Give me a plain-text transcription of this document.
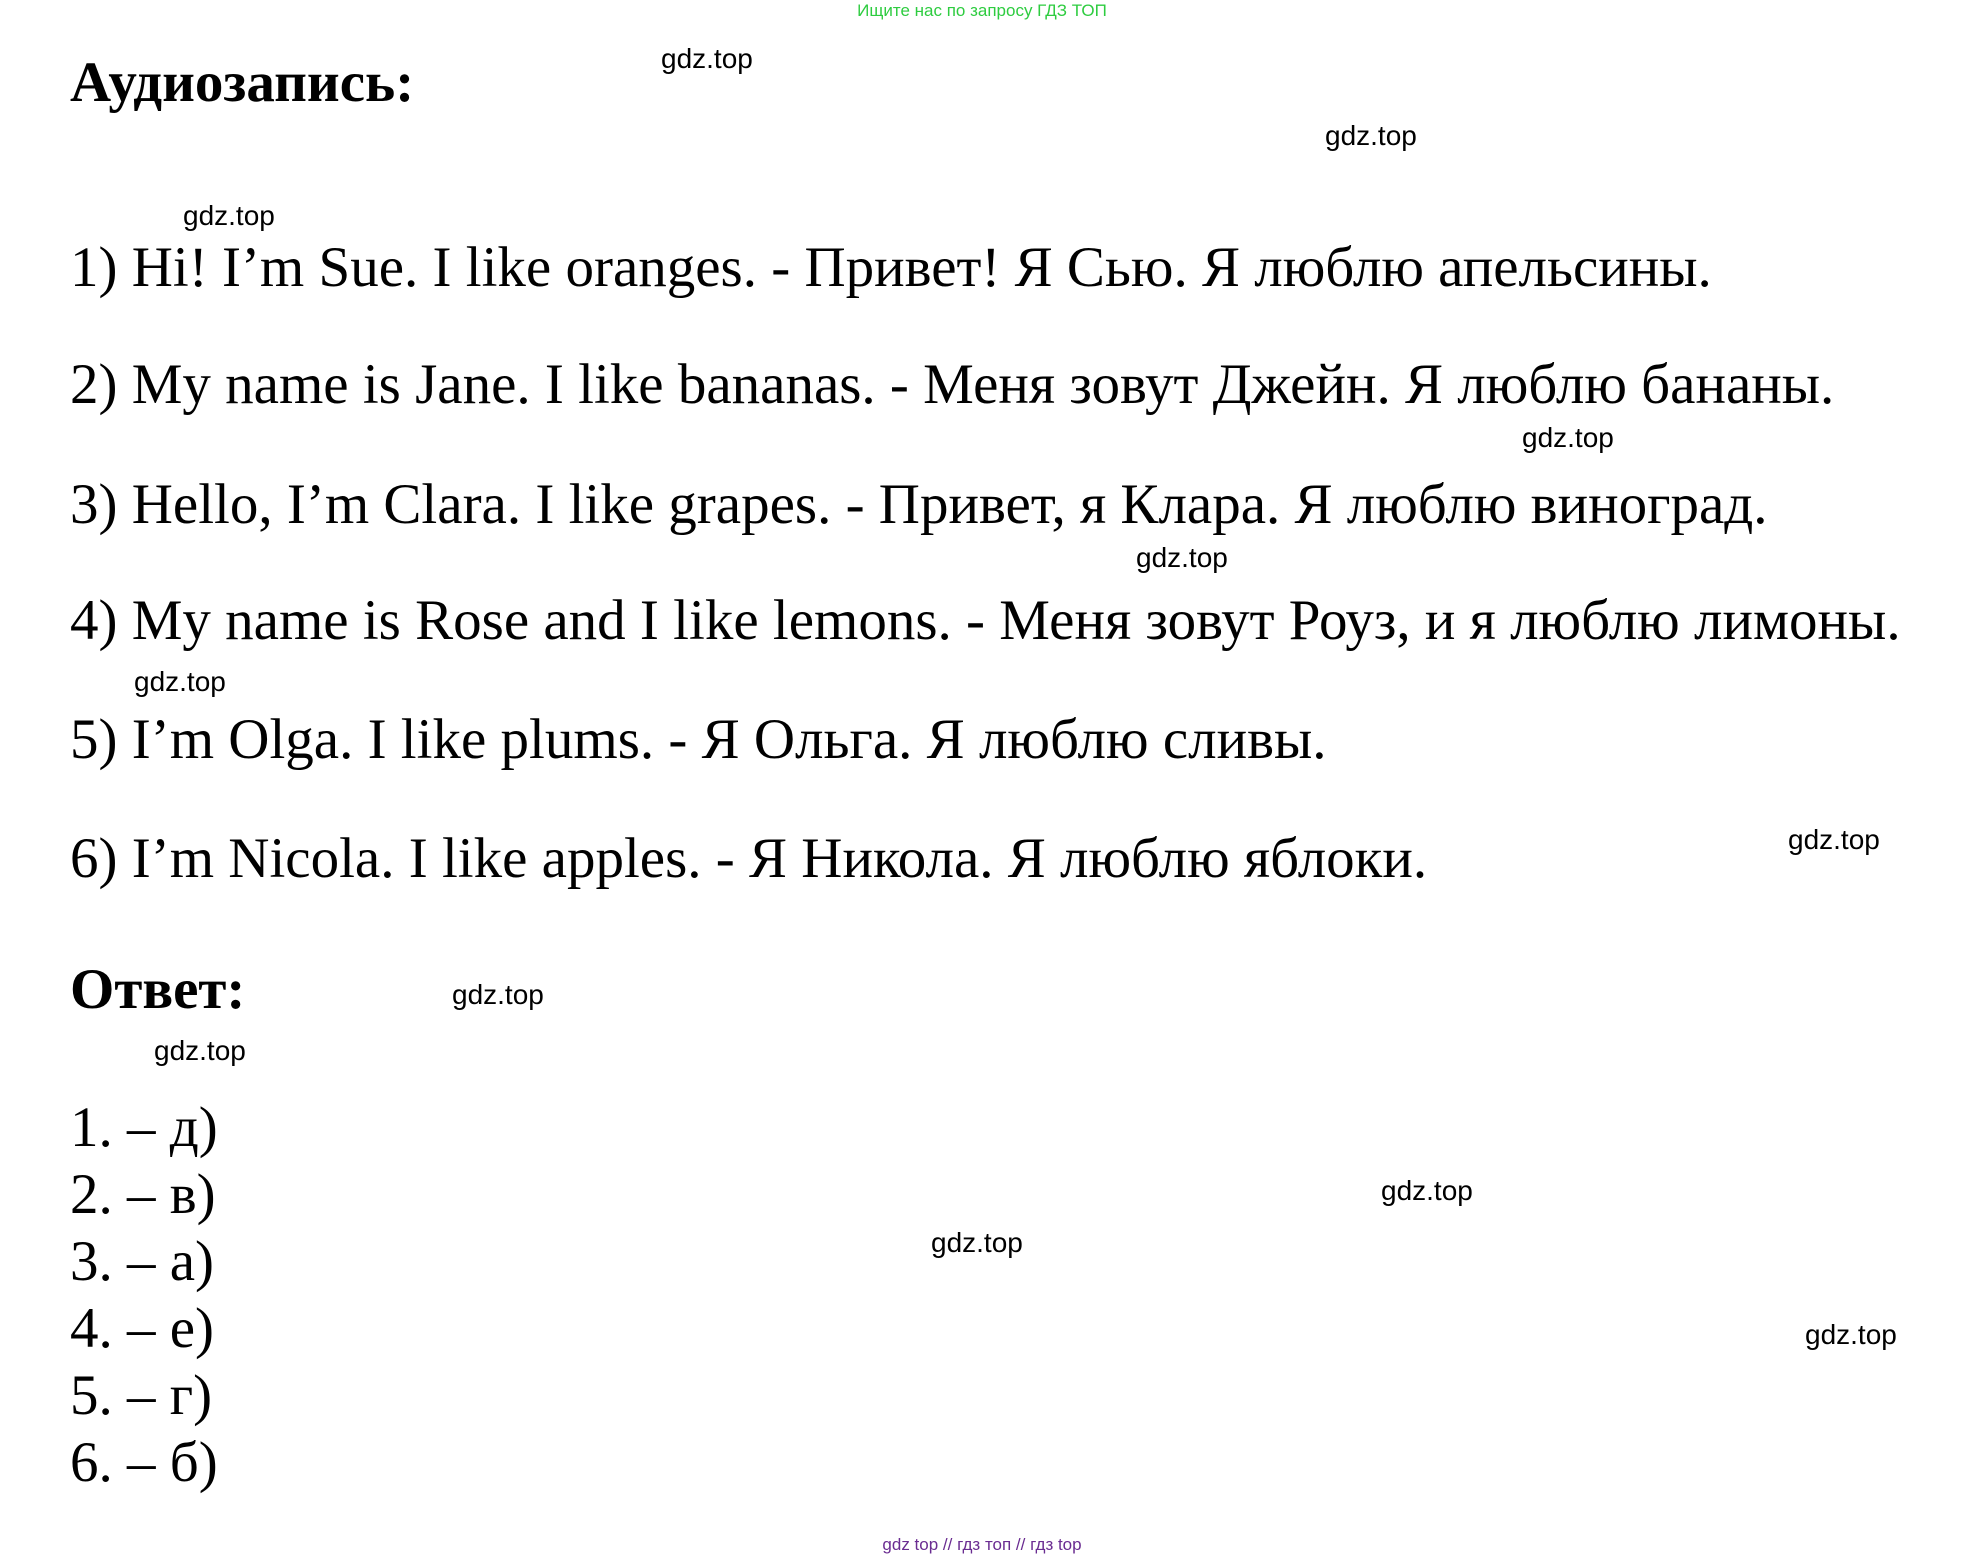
Ищите нас по запросу ГДЗ ТОП
Аудиозапись:
1) Hi! I’m Sue. I like oranges. - Привет! Я Сью. Я люблю апельсины.
2) My name is Jane. I like bananas. - Меня зовут Джейн. Я люблю бананы.
3) Hello, I’m Clara. I like grapes. - Привет, я Клара. Я люблю виноград.
4) My name is Rose and I like lemons. - Меня зовут Роуз, и я люблю лимоны.
5) I’m Olga. I like plums. - Я Ольга. Я люблю сливы.
6) I’m Nicola. I like apples. - Я Никола. Я люблю яблоки.
Ответ:
1. – д)
2. – в)
3. – а)
4. – е)
5. – г)
6. – б)
gdz.top
gdz.top
gdz.top
gdz.top
gdz.top
gdz.top
gdz.top
gdz.top
gdz.top
gdz.top
gdz.top
gdz.top
gdz top // гдз топ // гдз top
